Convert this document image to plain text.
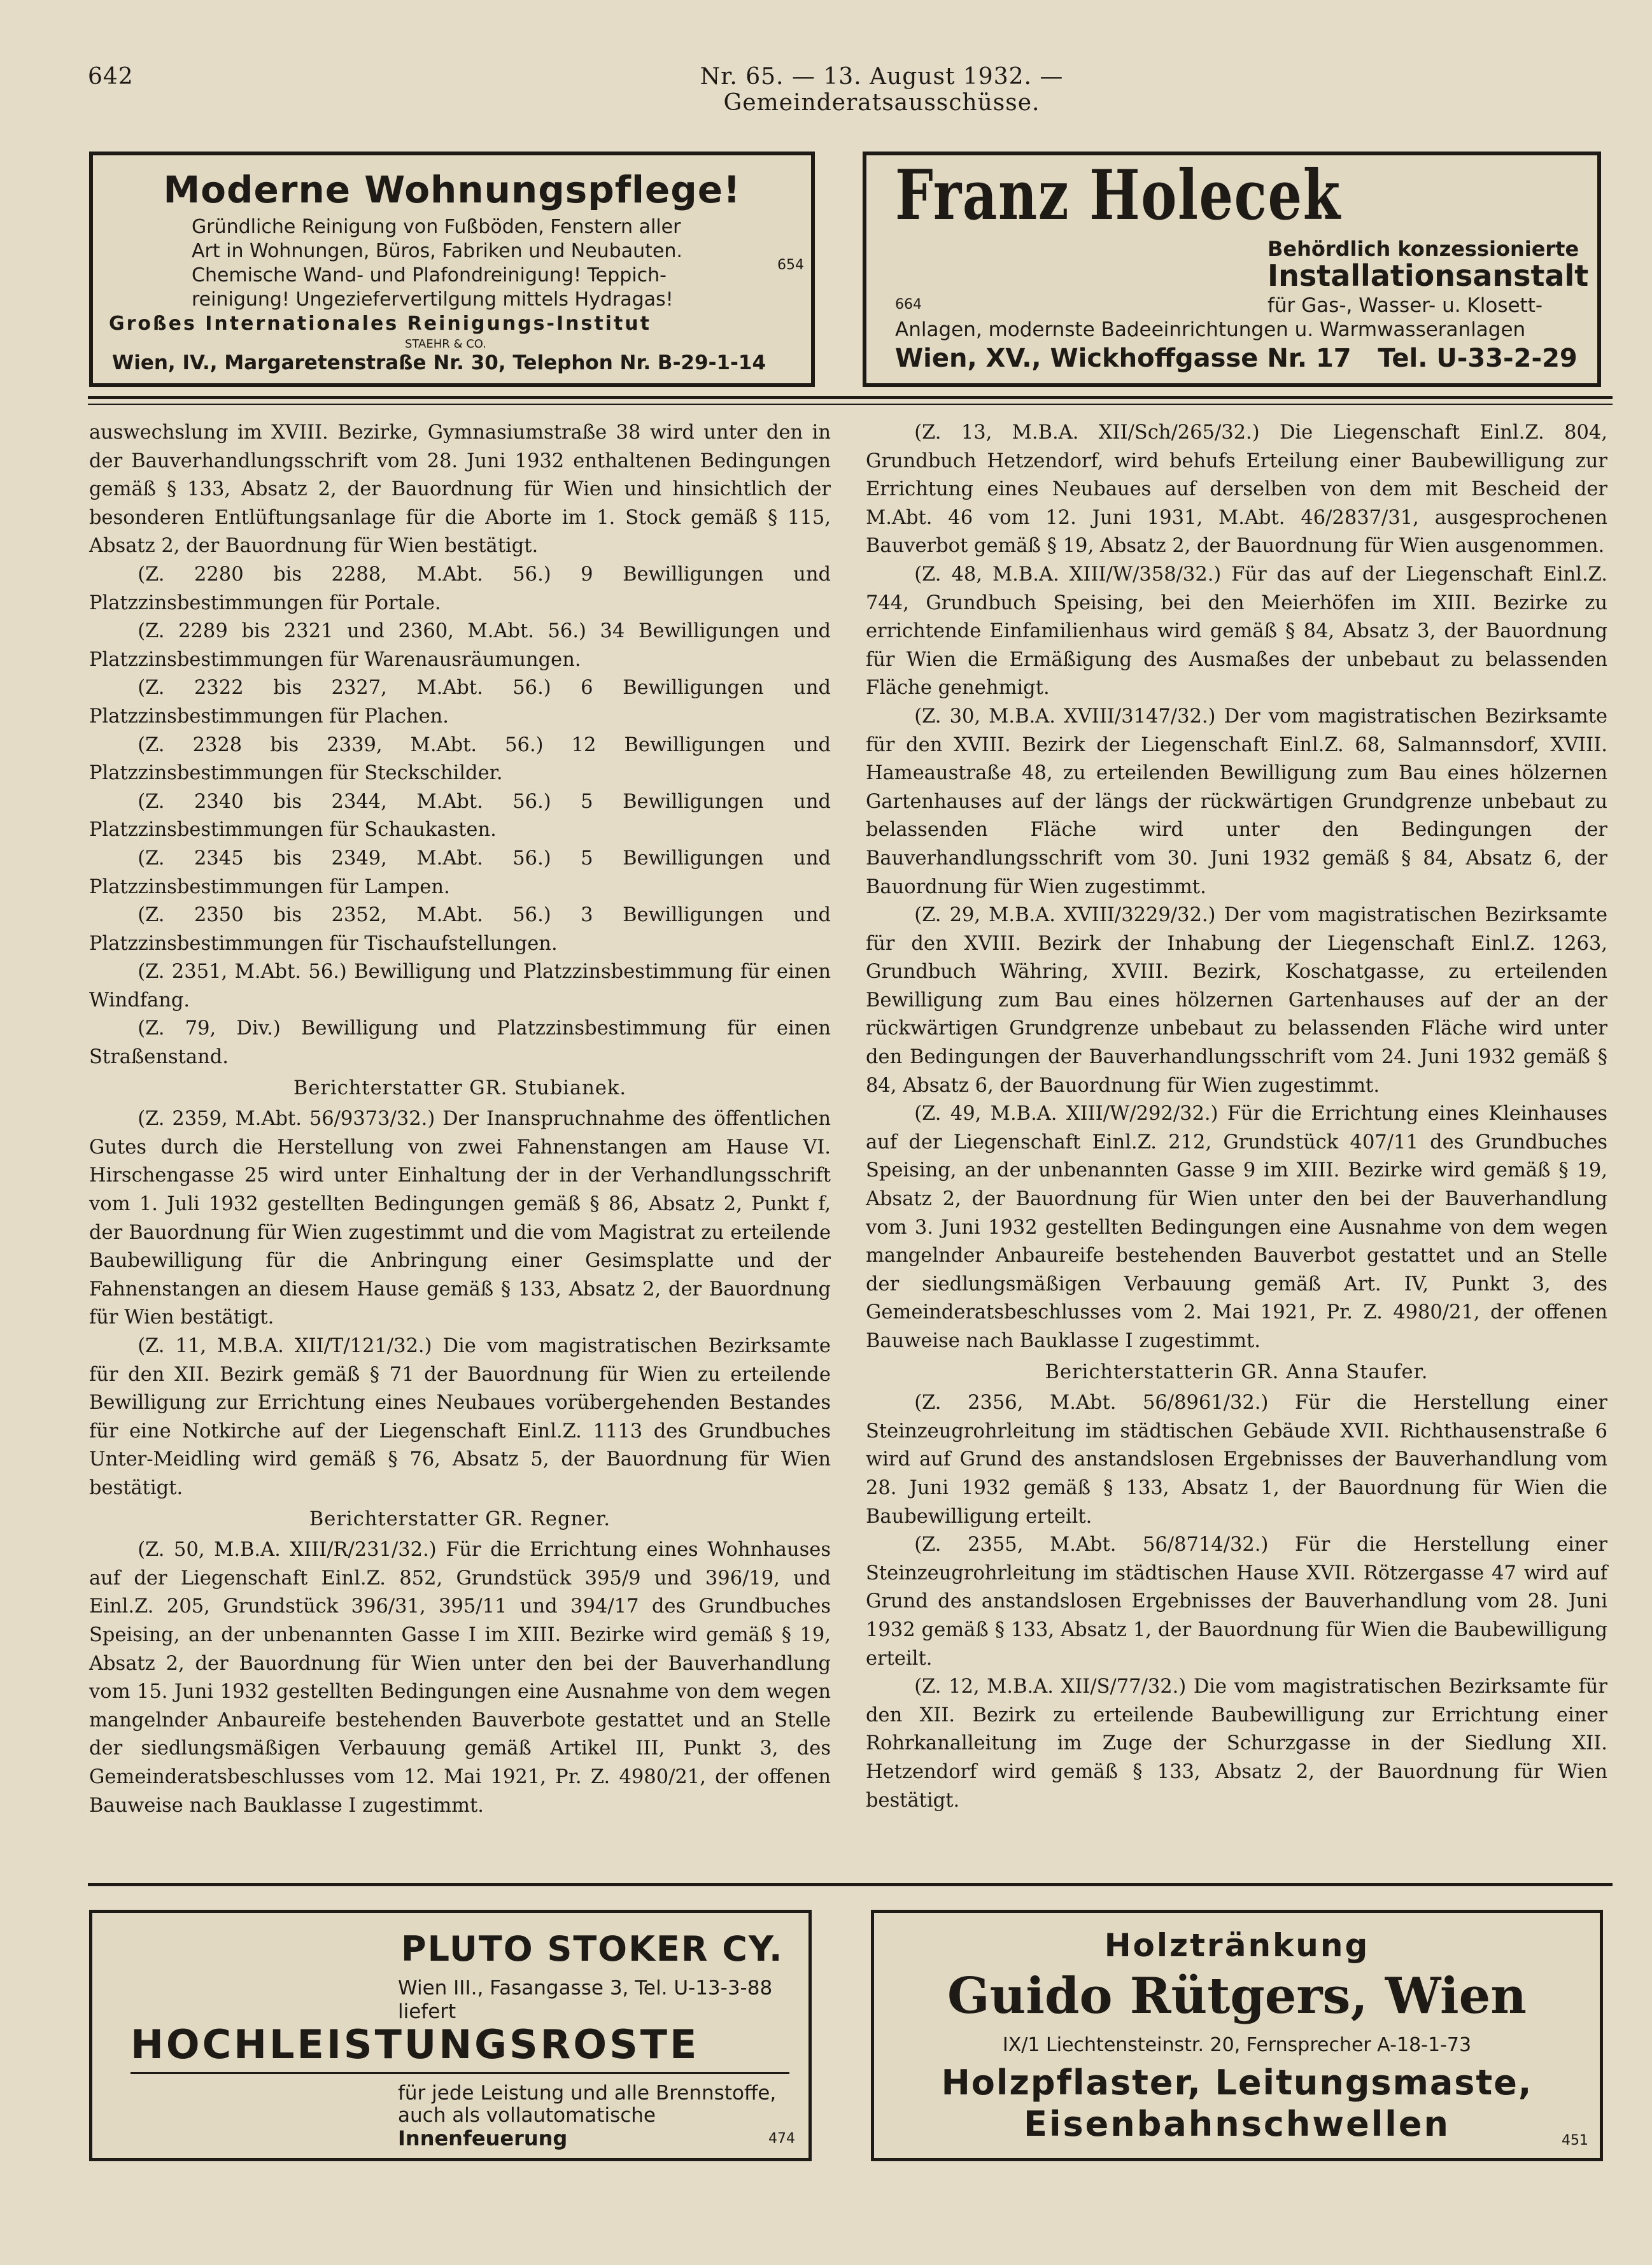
642	Nr. 65. — 13. August 1932. — Gemeinderatsausschüsse.
Moderne Wohnungspflege!
Gründliche Reinigung von Fußböden, Fenstern aller
Art in Wohnungen, Büros, Fabriken und Neubauten.
Chemische Wand- und Plafondreinigung! Teppich-
reinigung! Ungeziefervertilgung mittels Hydragas!
654
Großes Internationales Reinigungs-Institut
STAEHR & CO.
Wien, IV., Margaretenstraße Nr. 30, Telephon Nr. B-29-1-14
Franz Holecek
Behördlich konzessionierte
Installationsanstalt
664	für Gas-, Wasser- u. Klosett-
Anlagen, modernste Badeeinrichtungen u. Warmwasseranlagen
Wien, XV., Wickhoffgasse Nr. 17   Tel. U-33-2-29

auswechslung im XVIII. Bezirke, Gymnasiumstraße 38 wird unter den in der Bauverhandlungsschrift vom 28. Juni 1932 enthaltenen Bedingungen gemäß § 133, Absatz 2, der Bauordnung für Wien und hinsichtlich der besonderen Entlüftungsanlage für die Aborte im 1. Stock gemäß § 115, Absatz 2, der Bauordnung für Wien bestätigt.

(Z. 2280 bis 2288, M.Abt. 56.) 9 Bewilligungen und Platzzinsbestimmungen für Portale.

(Z. 2289 bis 2321 und 2360, M.Abt. 56.) 34 Bewilligungen und Platzzinsbestimmungen für Warenausräumungen.

(Z. 2322 bis 2327, M.Abt. 56.) 6 Bewilligungen und Platzzinsbestimmungen für Plachen.

(Z. 2328 bis 2339, M.Abt. 56.) 12 Bewilligungen und Platzzinsbestimmungen für Steckschilder.

(Z. 2340 bis 2344, M.Abt. 56.) 5 Bewilligungen und Platzzinsbestimmungen für Schaukasten.

(Z. 2345 bis 2349, M.Abt. 56.) 5 Bewilligungen und Platzzinsbestimmungen für Lampen.

(Z. 2350 bis 2352, M.Abt. 56.) 3 Bewilligungen und Platzzinsbestimmungen für Tischaufstellungen.

(Z. 2351, M.Abt. 56.) Bewilligung und Platzzinsbestimmung für einen Windfang.

(Z. 79, Div.) Bewilligung und Platzzinsbestimmung für einen Straßenstand.

Berichterstatter GR. Stubianek.

(Z. 2359, M.Abt. 56/9373/32.) Der Inanspruchnahme des öffentlichen Gutes durch die Herstellung von zwei Fahnenstangen am Hause VI. Hirschengasse 25 wird unter Einhaltung der in der Verhandlungsschrift vom 1. Juli 1932 gestellten Bedingungen gemäß § 86, Absatz 2, Punkt f, der Bauordnung für Wien zugestimmt und die vom Magistrat zu erteilende Baubewilligung für die Anbringung einer Gesimsplatte und der Fahnenstangen an diesem Hause gemäß § 133, Absatz 2, der Bauordnung für Wien bestätigt.

(Z. 11, M.B.A. XII/T/121/32.) Die vom magistratischen Bezirksamte für den XII. Bezirk gemäß § 71 der Bauordnung für Wien zu erteilende Bewilligung zur Errichtung eines Neubaues vorübergehenden Bestandes für eine Notkirche auf der Liegenschaft Einl.Z. 1113 des Grundbuches Unter-Meidling wird gemäß § 76, Absatz 5, der Bauordnung für Wien bestätigt.

Berichterstatter GR. Regner.

(Z. 50, M.B.A. XIII/R/231/32.) Für die Errichtung eines Wohnhauses auf der Liegenschaft Einl.Z. 852, Grundstück 395/9 und 396/19, und Einl.Z. 205, Grundstück 396/31, 395/11 und 394/17 des Grundbuches Speising, an der unbenannten Gasse I im XIII. Bezirke wird gemäß § 19, Absatz 2, der Bauordnung für Wien unter den bei der Bauverhandlung vom 15. Juni 1932 gestellten Bedingungen eine Ausnahme von dem wegen mangelnder Anbaureife bestehenden Bauverbote gestattet und an Stelle der siedlungsmäßigen Verbauung gemäß Artikel III, Punkt 3, des Gemeinderatsbeschlusses vom 12. Mai 1921, Pr. Z. 4980/21, der offenen Bauweise nach Bauklasse I zugestimmt.

(Z. 13, M.B.A. XII/Sch/265/32.) Die Liegenschaft Einl.Z. 804, Grundbuch Hetzendorf, wird behufs Erteilung einer Baubewilligung zur Errichtung eines Neubaues auf derselben von dem mit Bescheid der M.Abt. 46 vom 12. Juni 1931, M.Abt. 46/2837/31, ausgesprochenen Bauverbot gemäß § 19, Absatz 2, der Bauordnung für Wien ausgenommen.

(Z. 48, M.B.A. XIII/W/358/32.) Für das auf der Liegenschaft Einl.Z. 744, Grundbuch Speising, bei den Meierhöfen im XIII. Bezirke zu errichtende Einfamilienhaus wird gemäß § 84, Absatz 3, der Bauordnung für Wien die Ermäßigung des Ausmaßes der unbebaut zu belassenden Fläche genehmigt.

(Z. 30, M.B.A. XVIII/3147/32.) Der vom magistratischen Bezirksamte für den XVIII. Bezirk der Liegenschaft Einl.Z. 68, Salmannsdorf, XVIII. Hameaustraße 48, zu erteilenden Bewilligung zum Bau eines hölzernen Gartenhauses auf der längs der rückwärtigen Grundgrenze unbebaut zu belassenden Fläche wird unter den Bedingungen der Bauverhandlungsschrift vom 30. Juni 1932 gemäß § 84, Absatz 6, der Bauordnung für Wien zugestimmt.

(Z. 29, M.B.A. XVIII/3229/32.) Der vom magistratischen Bezirksamte für den XVIII. Bezirk der Inhabung der Liegenschaft Einl.Z. 1263, Grundbuch Währing, XVIII. Bezirk, Koschatgasse, zu erteilenden Bewilligung zum Bau eines hölzernen Gartenhauses auf der an der rückwärtigen Grundgrenze unbebaut zu belassenden Fläche wird unter den Bedingungen der Bauverhandlungsschrift vom 24. Juni 1932 gemäß § 84, Absatz 6, der Bauordnung für Wien zugestimmt.

(Z. 49, M.B.A. XIII/W/292/32.) Für die Errichtung eines Kleinhauses auf der Liegenschaft Einl.Z. 212, Grundstück 407/11 des Grundbuches Speising, an der unbenannten Gasse 9 im XIII. Bezirke wird gemäß § 19, Absatz 2, der Bauordnung für Wien unter den bei der Bauverhandlung vom 3. Juni 1932 gestellten Bedingungen eine Ausnahme von dem wegen mangelnder Anbaureife bestehenden Bauverbot gestattet und an Stelle der siedlungsmäßigen Verbauung gemäß Art. IV, Punkt 3, des Gemeinderatsbeschlusses vom 2. Mai 1921, Pr. Z. 4980/21, der offenen Bauweise nach Bauklasse I zugestimmt.

Berichterstatterin GR. Anna Staufer.

(Z. 2356, M.Abt. 56/8961/32.) Für die Herstellung einer Steinzeugrohrleitung im städtischen Gebäude XVII. Richthausenstraße 6 wird auf Grund des anstandslosen Ergebnisses der Bauverhandlung vom 28. Juni 1932 gemäß § 133, Absatz 1, der Bauordnung für Wien die Baubewilligung erteilt.

(Z. 2355, M.Abt. 56/8714/32.) Für die Herstellung einer Steinzeugrohrleitung im städtischen Hause XVII. Rötzergasse 47 wird auf Grund des anstandslosen Ergebnisses der Bauverhandlung vom 28. Juni 1932 gemäß § 133, Absatz 1, der Bauordnung für Wien die Baubewilligung erteilt.

(Z. 12, M.B.A. XII/S/77/32.) Die vom magistratischen Bezirksamte für den XII. Bezirk zu erteilende Baubewilligung zur Errichtung einer Rohrkanalleitung im Zuge der Schurzgasse in der Siedlung XII. Hetzendorf wird gemäß § 133, Absatz 2, der Bauordnung für Wien bestätigt.

PLUTO STOKER CY.
Wien III., Fasangasse 3, Tel. U-13-3-88
liefert
HOCHLEISTUNGSROSTE
für jede Leistung und alle Brennstoffe,
auch als vollautomatische
Innenfeuerung	474
Holztränkung
Guido Rütgers, Wien
IX/1 Liechtensteinstr. 20, Fernsprecher A-18-1-73
Holzpflaster, Leitungsmaste,
Eisenbahnschwellen	451
